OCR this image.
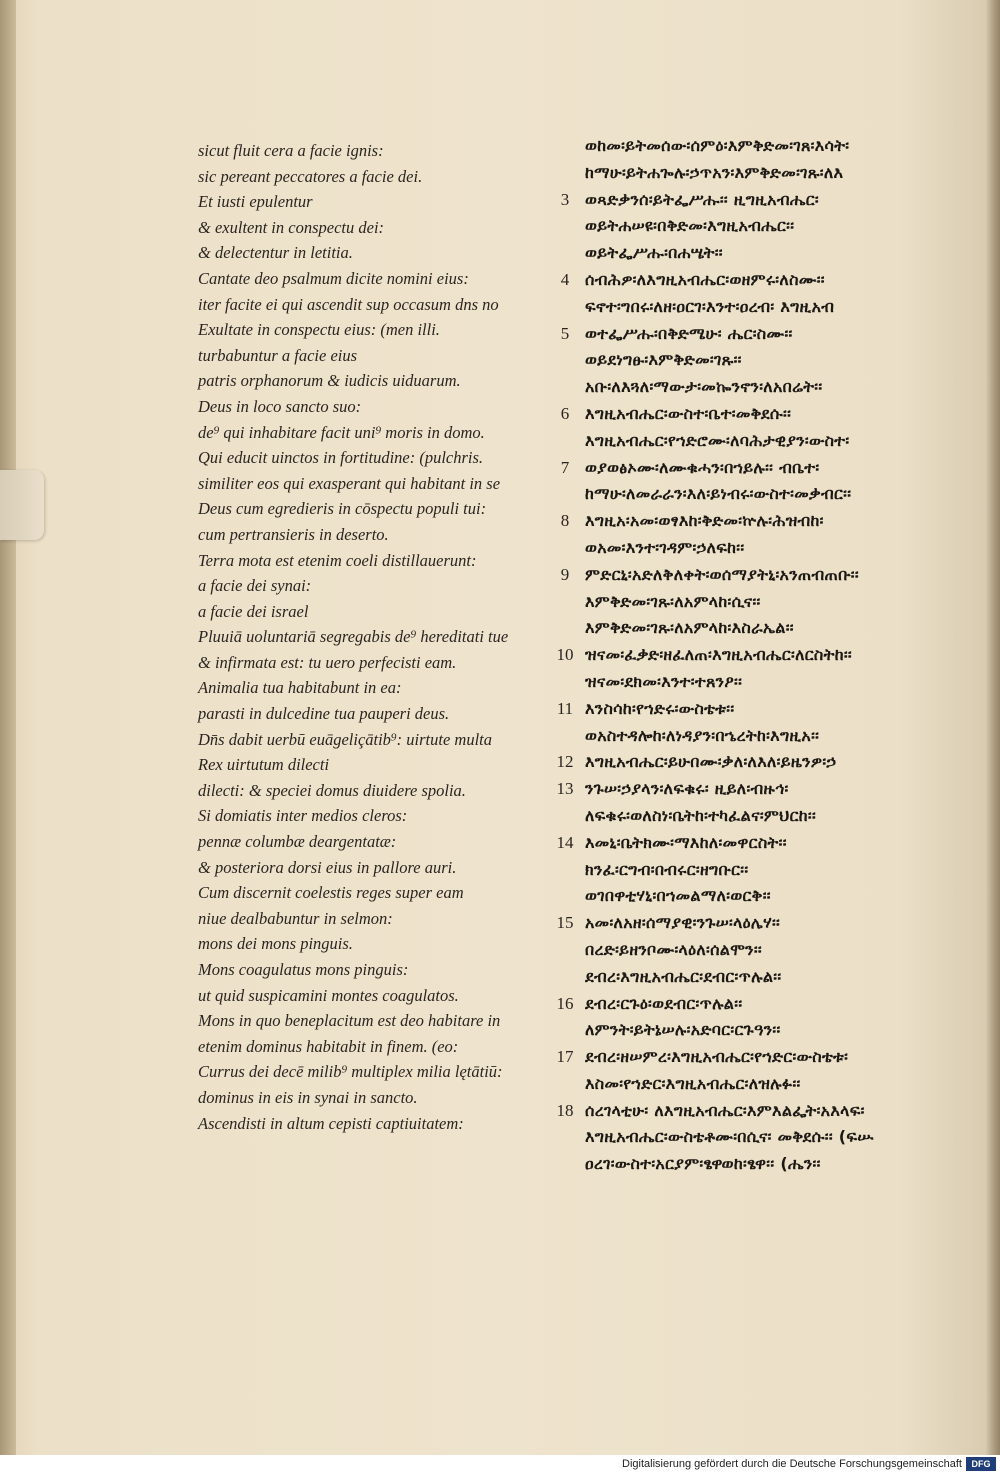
sicut fluit cera a facie ignis:
sic pereant peccatores a facie dei.
Et iusti epulentur
& exultent in conspectu dei:
& delectentur in letitia.
Cantate deo psalmum dicite nomini eius:
iter facite ei qui ascendit sup occasum dns no
Exultate in conspectu eius: (men illi.
turbabuntur a facie eius
patris orphanorum & iudicis uiduarum.
Deus in loco sancto suo:
de⁹ qui inhabitare facit uni⁹ moris in domo.
Qui educit uinctos in fortitudine: (pulchris.
similiter eos qui exasperant qui habitant in se
Deus cum egredieris in cōspectu populi tui:
cum pertransieris in deserto.
Terra mota est etenim coeli distillauerunt:
a facie dei synai:
a facie dei israel
Pluuiā uoluntariā segregabis de⁹ hereditati tue
& infirmata est: tu uero perfecisti eam.
Animalia tua habitabunt in ea:
parasti in dulcedine tua pauperi deus.
Dn̄s dabit uerbū euāgeliçātib⁹: uirtute multa
Rex uirtutum dilecti
dilecti: & speciei domus diuidere spolia.
Si domiatis inter medios cleros:
pennæ columbæ deargentatæ:
& posteriora dorsi eius in pallore auri.
Cum discernit coelestis reges super eam
niue dealbabuntur in selmon:
mons dei mons pinguis.
Mons coagulatus mons pinguis:
ut quid suspicamini montes coagulatos.
Mons in quo beneplacitum est deo habitare in
etenim dominus habitabit in finem. (eo:
Currus dei decē milib⁹ multiplex milia lętātiū:
dominus in eis in synai in sancto.
Ascendisti in altum cepisti captiuitatem:
3
4
5
6
7
8
9
10
11
12
13
14
15
16
17
18
ወከመ፡ይትመሰው፡ሰምዕ፡እምቅድመ፡ገጸ፡እሳት፡
ከማሁ፡ይትሐጐሉ፡ኃጥአን፡እምቅድመ፡ገጹ፡ለእ
ወጻድቃንሰ፡ይትፌሥሑ፡፡ ዚግዚአብሔር፡
ወይትሐሠዩ፡በቅድመ፡እግዚአብሔር፡፡
ወይትፌሥሑ፡በሐሤት፡፡
ሰብሕዎ፡ለእግዚአብሔር፡ወዘምሩ፡ለስሙ፡፡
ፍኖተ፡ግበሩ፡ለዘ፡ዐርገ፡እንተ፡ዐረብ፡ እግዚአብ
ወተፌሥሑ፡በቅድሜሁ፡ ሔር፡ስሙ፡፡
ወይደነግፁ፡እምቅድመ፡ገጹ፡፡
አቡ፡ለእጓለ፡ማውታ፡መኰንኖን፡ለአበሬት፡፡
እግዚአብሔር፡ውስተ፡ቤተ፡መቅደሱ፡፡
እግዚአብሔር፡የኀድሮሙ፡ለባሕታዊያን፡ውስተ፡
ወያወፅኦሙ፡ለሙቁሓን፡በኀይሉ፡፡ ብቤተ፡
ከማሁ፡ለመራራን፡እለ፡ይነብሩ፡ውስተ፡መቃብር፡፡
እግዚአ፡አመ፡ወፃእከ፡ቅድመ፡ኵሉ፡ሕዝብከ፡
ወአመ፡እንተ፡ገዳም፡ኃለፍከ፡፡
ምድርኒ፡አድለቅለቀት፡ወሰማያትኒ፡አንጠብጠቡ፡፡
እምቅድመ፡ገጹ፡ለአምላከ፡ሲና፡፡
እምቅድመ፡ገጹ፡ለአምላከ፡እስራኤል፡፡
ዝናመ፡ፈቃድ፡ዘፈለጠ፡እግዚአብሔር፡ለርስትከ፡፡
ዝናመ፡ደክመ፡እንተ፡ተጸንዖ፡፡
እንስሳከ፡የኀድሩ፡ውስቴቱ፡፡
ወአስተዳሎከ፡ለነዳያን፡በኄረትከ፡እግዚአ፡፡
እግዚአብሔር፡ይሁበሙ፡ቃለ፡ለእለ፡ይዜንዎ፡ኃ
ንጉሠ፡ኃያላን፡ለፍቁሩ፡ ዚይለ፡ብዙኅ፡
ለፍቁሩ፡ወለስነ፡ቤትከ፡ተካፈልና፡ምህርከ፡፡
እመኒ፡ቤትክሙ፡ማእከለ፡መዋርስት፡፡
ክንፈ፡ርግብ፡በብሩር፡ዘግቡር፡፡
ወገበዋቲሃኒ፡በኀመልማለ፡ወርቅ፡፡
አመ፡ለአዘ፡ሰማያዊ፡ንጉሠ፡ላዕሌሃ፡፡
በረድ፡ይዘንቦሙ፡ላዕለ፡ሰልሞን፡፡
ደብረ፡እግዚአብሔር፡ደብር፡ጥሉል፡፡
ደብረ፡ርጉዕ፡ወደብር፡ጥሉል፡፡
ለምንት፡ይትኔሠሉ፡አድባር፡ርጉዓን፡፡
ደብረ፡ዘሠምረ፡እግዚአብሔር፡የኀድር፡ውስቴቱ፡
እስመ፡የኀድር፡እግዚአብሔር፡ለዝሉፉ፡፡
ሰረገላቲሁ፡ ለእግዚአብሔር፡እምእልፌት፡አእላፍ፡
እግዚአብሔር፡ውስቴቶሙ፡በሲና፡ መቅደሱ፡፡ (ፍሡ
ዐረገ፡ውስተ፡አርያም፡ፄዋወከ፡ፄዋ፡፡ (ሔን፡፡
Digitalisierung gefördert durch die Deutsche Forschungsgemeinschaft	DFG
